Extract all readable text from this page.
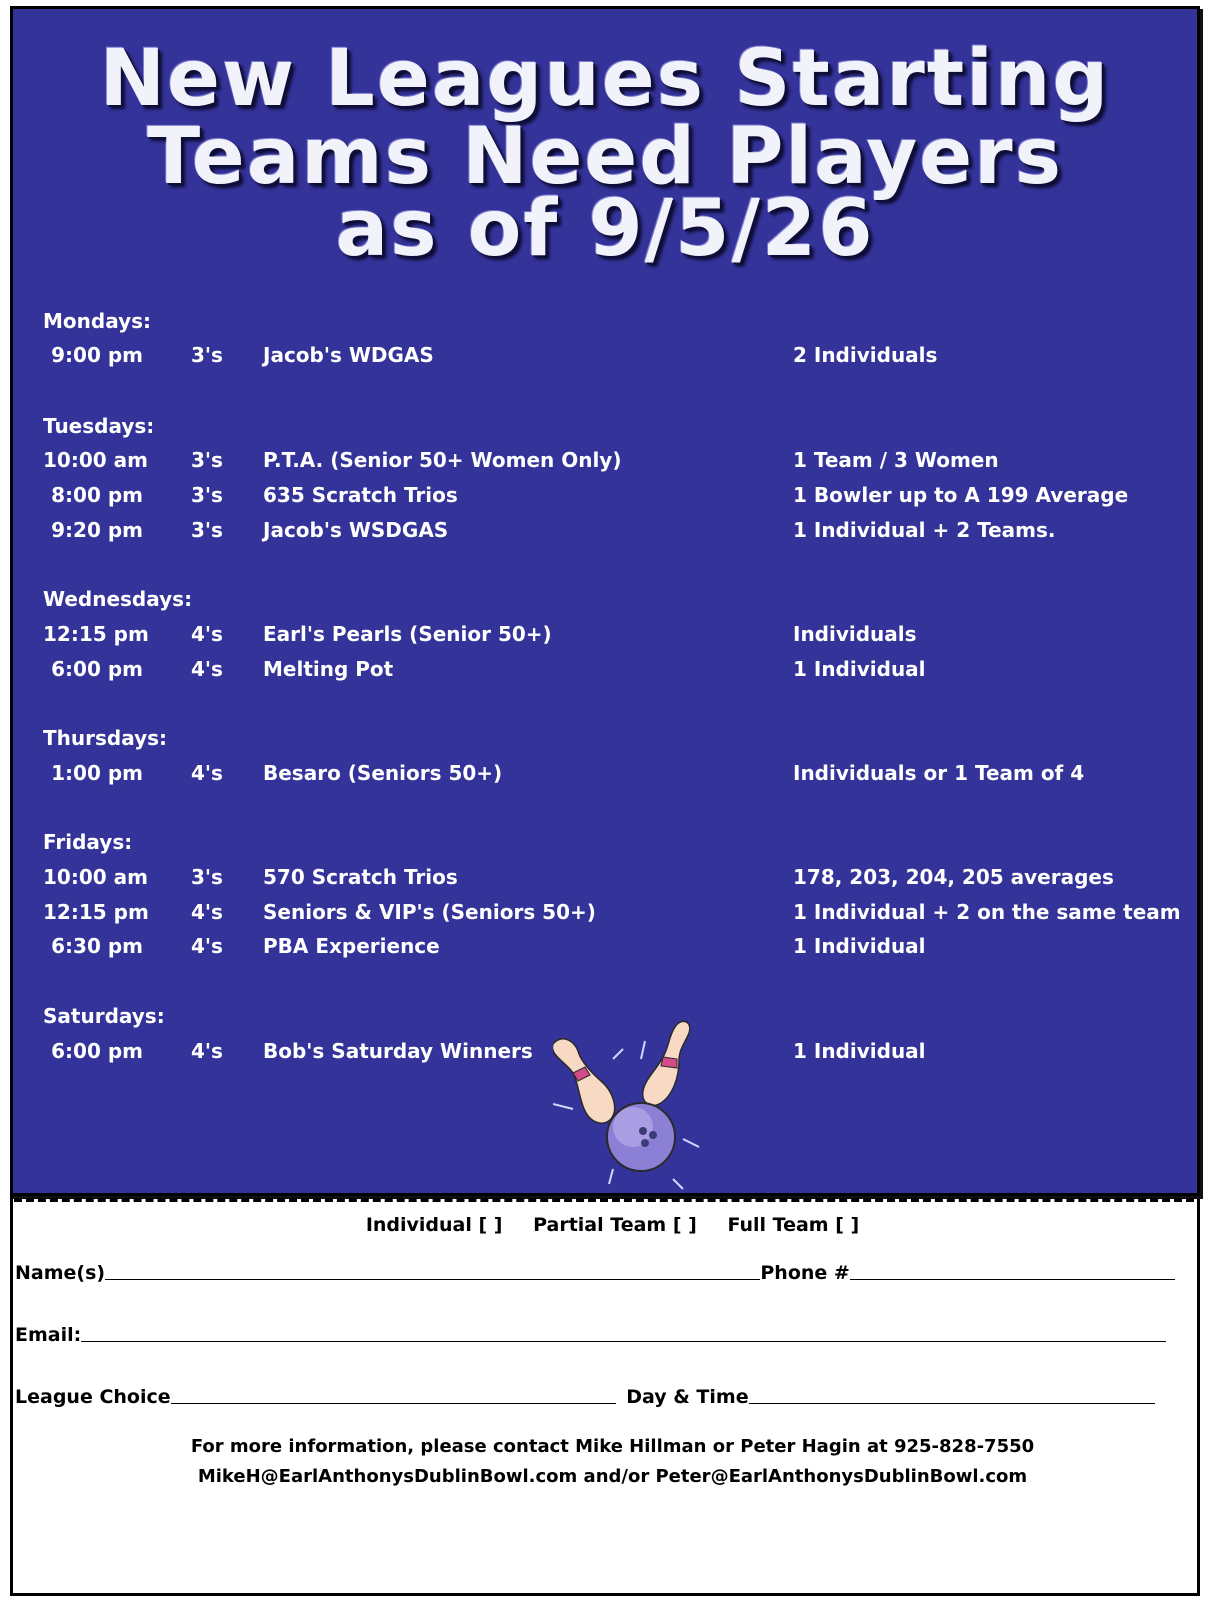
New Leagues Starting
Teams Need Players
as of 9/5/26
Mondays:
9:00 pm 3's Jacob's WDGAS	2 Individuals
Tuesdays:
10:00 am 3's P.T.A. (Senior 50+ Women Only)	1 Team / 3 Women
8:00 pm 3's 635 Scratch Trios	1 Bowler up to A 199 Average
9:20 pm 3's Jacob's WSDGAS	1 Individual + 2 Teams.
Wednesdays:
12:15 pm 4's Earl's Pearls (Senior 50+)	Individuals
6:00 pm 4's Melting Pot	1 Individual
Thursdays:
1:00 pm 4's Besaro (Seniors 50+)	Individuals or 1 Team of 4
Fridays:
10:00 am 3's 570 Scratch Trios	178, 203, 204, 205 averages
12:15 pm 4's Seniors & VIP's (Seniors 50+)	1 Individual + 2 on the same team
6:30 pm 4's PBA Experience	1 Individual
Saturdays:
6:00 pm 4's Bob's Saturday Winners	1 Individual
Individual [ ] Partial Team [ ] Full Team [ ]
Name(s)	Phone #
Email:
League Choice	Day & Time
For more information, please contact Mike Hillman or Peter Hagin at 925-828-7550
MikeH@EarlAnthonysDublinBowl.com and/or Peter@EarlAnthonysDublinBowl.com
